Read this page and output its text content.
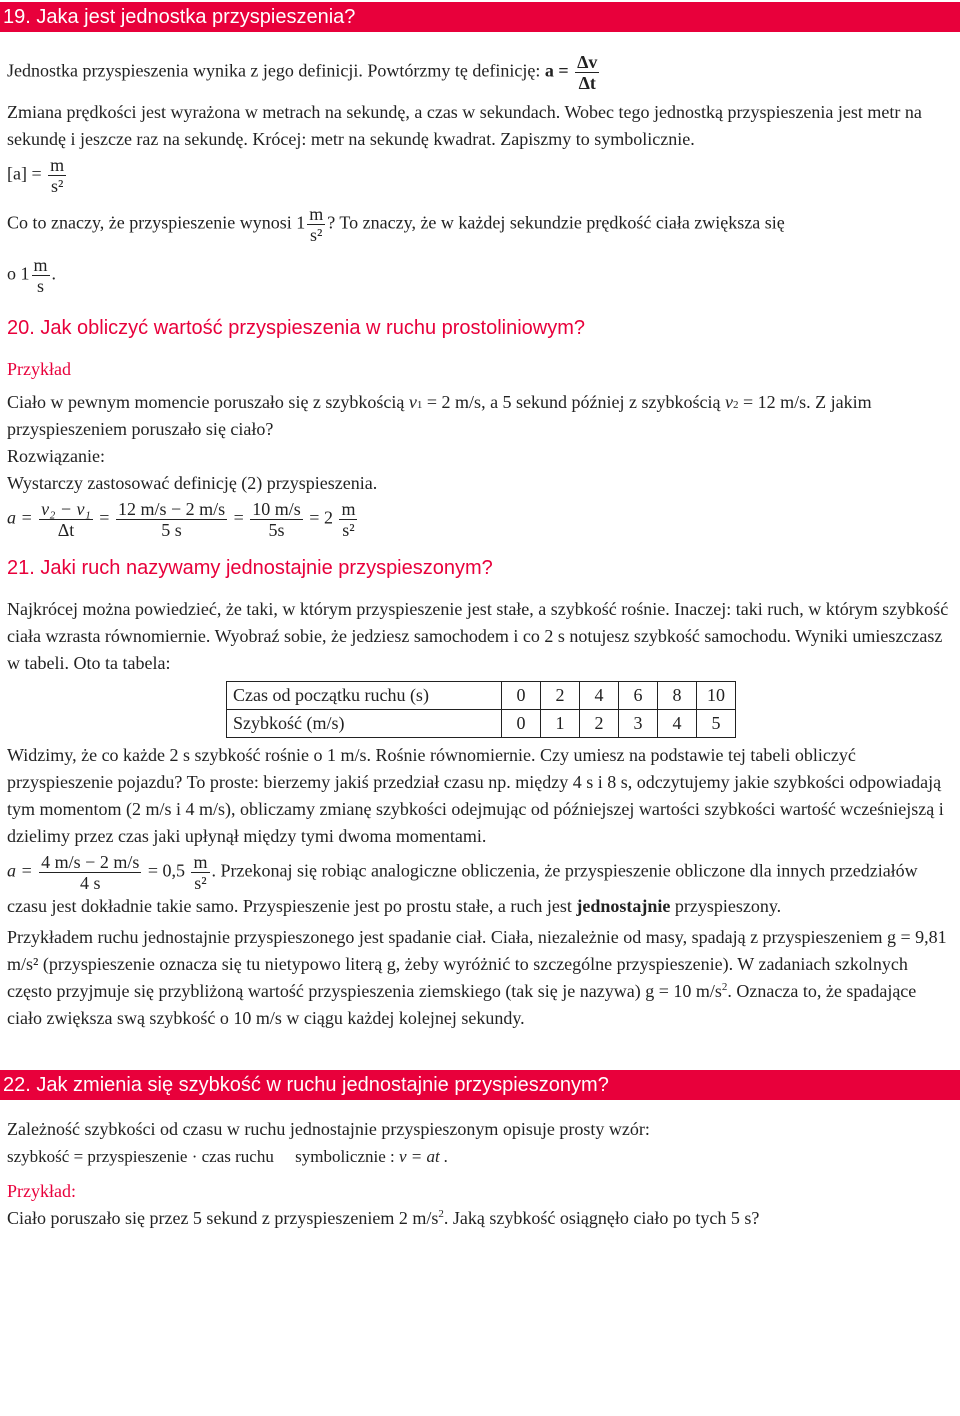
19. Jaka jest jednostka przyspieszenia?

Jednostka przyspieszenia wynika z jego definicji. Powtórzmy tę definicję: $a = \frac{\Delta v}{\Delta t}$

Zmiana prędkości jest wyrażona w metrach na sekundę, a czas w sekundach. Wobec tego jednostką przyspieszenia jest metr na sekundę i jeszcze raz na sekundę. Krócej: metr na sekundę kwadrat. Zapiszmy to symbolicznie.

$[a] = \frac{m}{\text{s²}}$

Co to znaczy, że przyspieszenie wynosi $1 \frac{m}{\text{s²}}$ ? To znaczy, że w każdej sekundzie prędkość ciała zwiększa się

o $1 \frac{m}{s}$ .

20. Jak obliczyć wartość przyspieszenia w ruchu prostoliniowym?

Przykład

Ciało w pewnym momencie poruszało się z szybkością v1 = 2 m/s, a 5 sekund później z szybkością v2 = 12 m/s. Z jakim przyspieszeniem poruszało się ciało?

Rozwiązanie:

Wystarczy zastosować definicję (2) przyspieszenia.

$a = \frac{\text{v₂ − v₁}}{\Delta t} = \frac{12 m/s - 2 m/s}{5 s} = \frac{10 m/s}{5s} = 2 \frac{m}{\text{s²}}$

21. Jaki ruch nazywamy jednostajnie przyspieszonym?

Najkrócej można powiedzieć, że taki, w którym przyspieszenie jest stałe, a szybkość rośnie. Inaczej: taki ruch, w którym szybkość ciała wzrasta równomiernie. Wyobraź sobie, że jedziesz samochodem i co 2 s notujesz szybkość samochodu. Wyniki umieszczasz w tabeli. Oto ta tabela:

Czas od początku ruchu (s)	0	2	4	6	8	10
Szybkość (m/s)	0	1	2	3	4	5

Widzimy, że co każde 2 s szybkość rośnie o 1 m/s. Rośnie równomiernie. Czy umiesz na podstawie tej tabeli obliczyć przyspieszenie pojazdu? To proste: bierzemy jakiś przedział czasu np. między 4 s i 8 s, odczytujemy jakie szybkości odpowiadają tym momentom (2 m/s i 4 m/s), obliczamy zmianę szybkości odejmując od późniejszej wartości szybkości wartość wcześniejszą i dzielimy przez czas jaki upłynął między tymi dwoma momentami.

$a = \frac{4 m/s - 2 m/s}{4 s} = 0,5 \frac{m}{\text{s²}}$ . Przekonaj się robiąc analogiczne obliczenia, że przyspieszenie obliczone dla innych przedziałów czasu jest dokładnie takie samo. Przyspieszenie jest po prostu stałe, a ruch jest jednostajnie przyspieszony.

Przykładem ruchu jednostajnie przyspieszonego jest spadanie ciał. Ciała, niezależnie od masy, spadają z przyspieszeniem g = 9,81 m/s² (przyspieszenie oznacza się tu nietypowo literą g, żeby wyróżnić to szczególne przyspieszenie). W zadaniach szkolnych często przyjmuje się przybliżoną wartość przyspieszenia ziemskiego (tak się je nazywa) g = 10 $m/s^2$. Oznacza to, że spadające ciało zwiększa swą szybkość o 10 m/s w ciągu każdej kolejnej sekundy.

22. Jak zmienia się szybkość w ruchu jednostajnie przyspieszonym?

Zależność szybkości od czasu w ruchu jednostajnie przyspieszonym opisuje prosty wzór:

szybkość = przyspieszenie · czas ruchu symbolicznie : v = at .

Przykład:

Ciało poruszało się przez 5 sekund z przyspieszeniem 2 $m/s^2$. Jaką szybkość osiągnęło ciało po tych 5 s?
